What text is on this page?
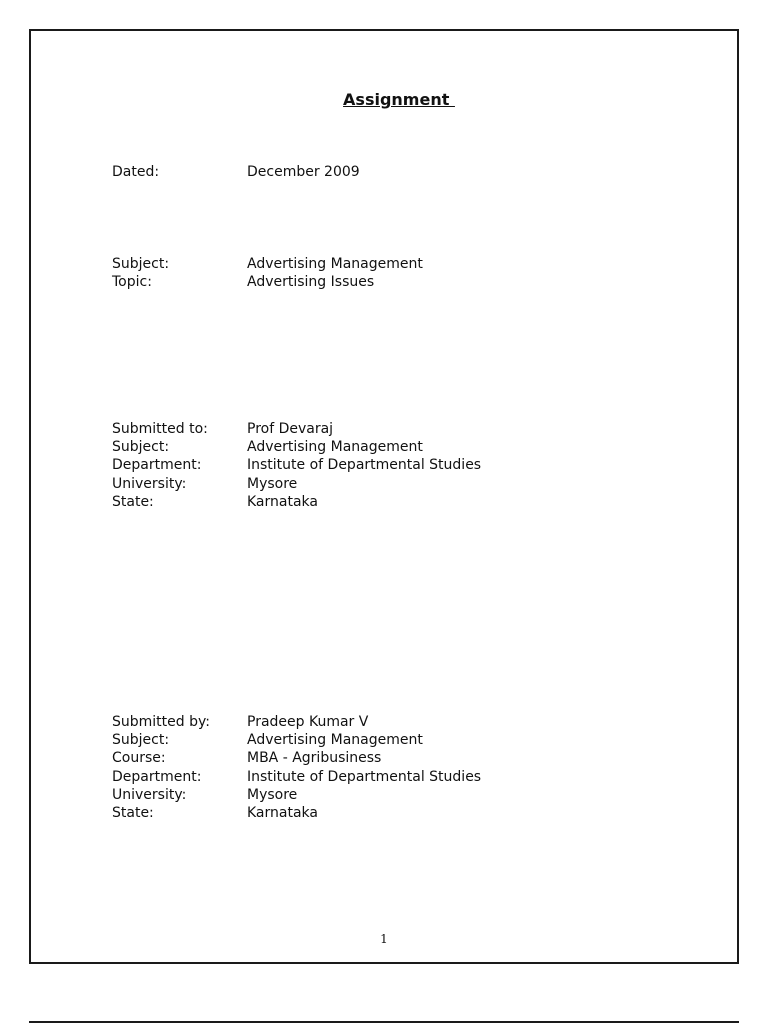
Assignment
Dated:	December 2009
Subject:	Advertising Management
Topic:	Advertising Issues
Submitted to:	Prof Devaraj
Subject:	Advertising Management
Department:	Institute of Departmental Studies
University:	Mysore
State:	Karnataka
Submitted by:	Pradeep Kumar V
Subject:	Advertising Management
Course:	MBA - Agribusiness
Department:	Institute of Departmental Studies
University:	Mysore
State:	Karnataka
1
